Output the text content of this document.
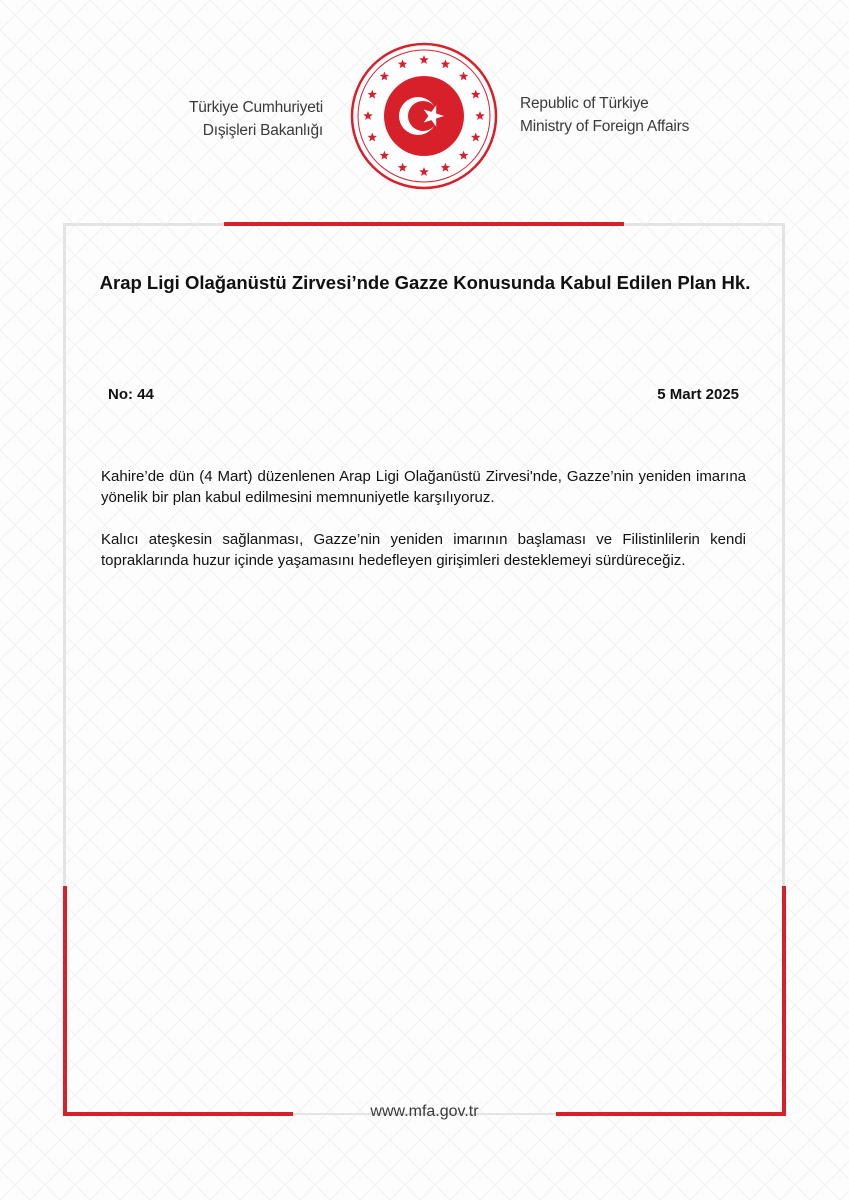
Türkiye Cumhuriyeti
Dışişleri Bakanlığı
Republic of Türkiye
Ministry of Foreign Affairs
Arap Ligi Olağanüstü Zirvesi’nde Gazze Konusunda Kabul Edilen Plan Hk.
No: 44	5 Mart 2025

Kahire’de dün (4 Mart) düzenlenen Arap Ligi Olağanüstü Zirvesi'nde, Gazze’nin yeniden imarına yönelik bir plan kabul edilmesini memnuniyetle karşılıyoruz.

Kalıcı ateşkesin sağlanması, Gazze’nin yeniden imarının başlaması ve Filistinlilerin kendi topraklarında huzur içinde yaşamasını hedefleyen girişimleri desteklemeyi sürdüreceğiz.

www.mfa.gov.tr
